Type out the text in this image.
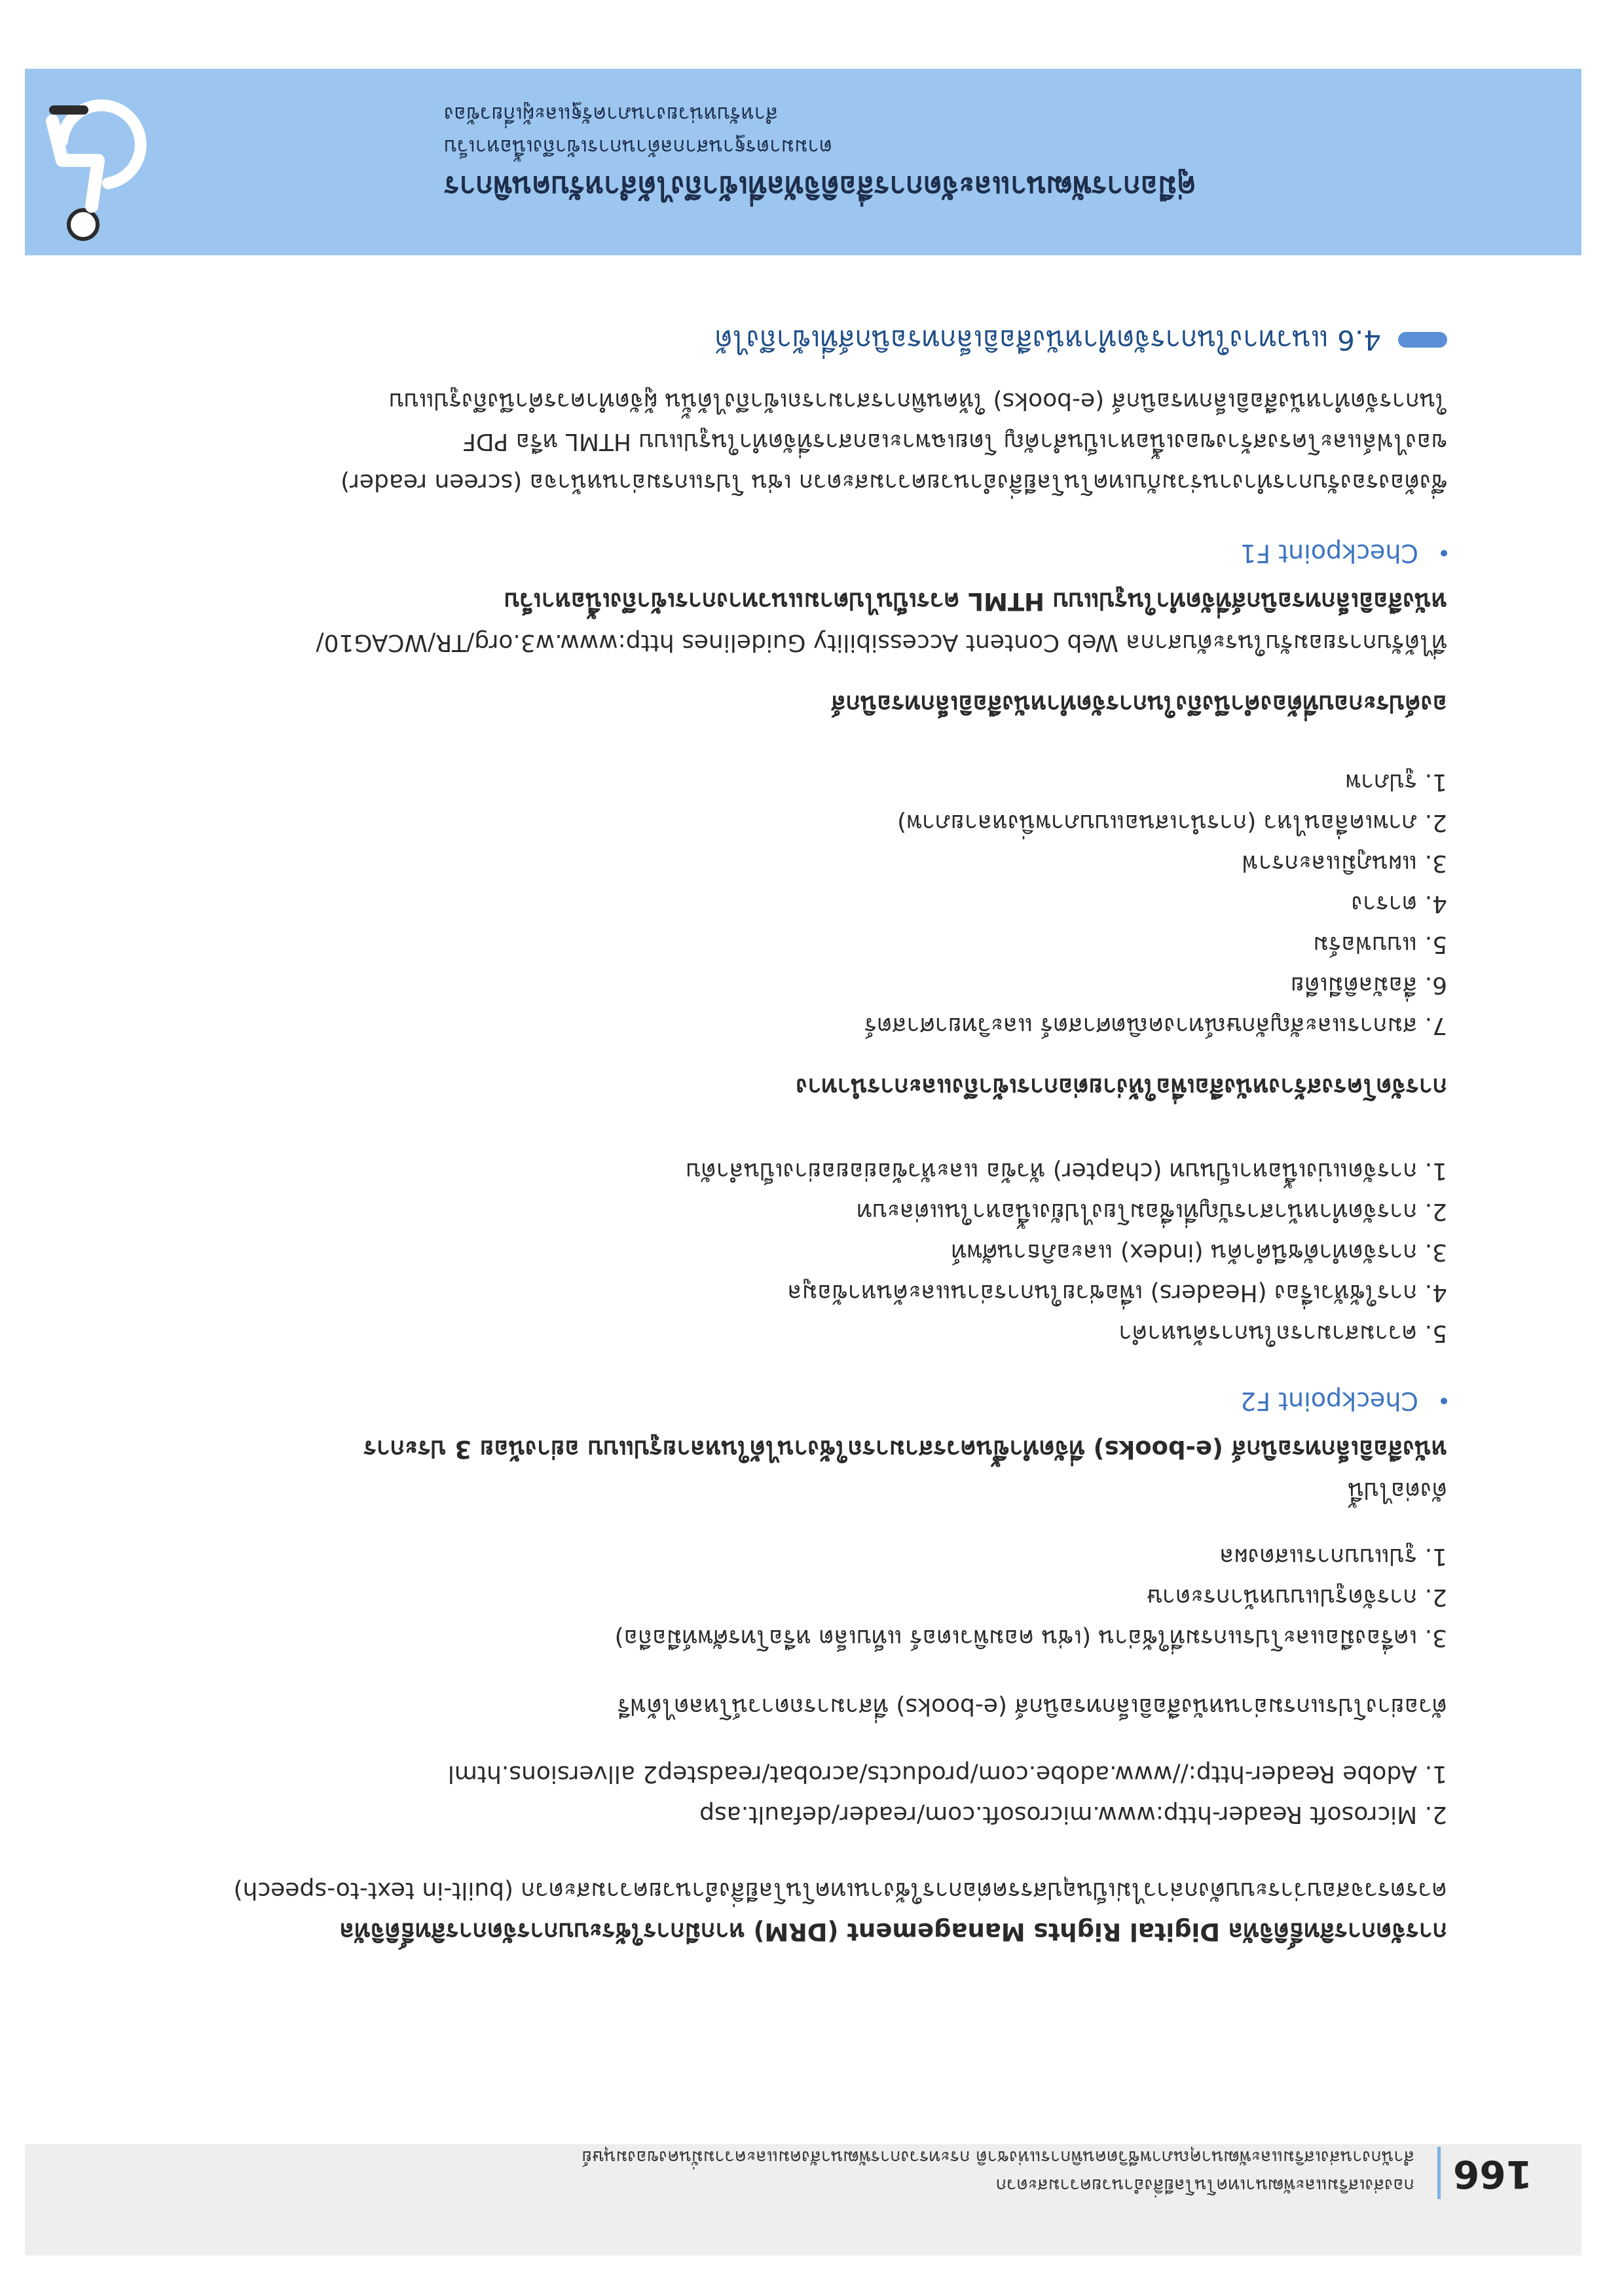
166
กองส่งเสริมและพัฒนาเทคโนโลยีสิ่งอำนวยความสะดวก
สำนักงานส่งเสริมและพัฒนาคุณภาพชีวิตคนพิการแห่งชาติ กระทรวงการพัฒนาสังคมและความมั่นคงของมนุษย์

การจัดการสิทธิ์ดิจิทัล Digital Rights Management (DRM) หากมีการใช้ระบบการจัดการสิทธิ์ดิจิทัล

ควรตรวจสอบว่าระบบดังกล่าวไม่เป็นอุปสรรคต่อการใช้งานเทคโนโลยีสิ่งอำนวยความสะดวก (built-in text-to-speech)

2. Microsoft Reader-http:www.microsoft.com/reader/default.asp

1. Adobe Reader-http://www.adobe.com/products/acrobat/readstep2 allversions.html

ตัวอย่างโปรแกรมอ่านหนังสืออิเล็กทรอนิกส์ (e-books) ที่สามารถดาวน์โหลดได้ฟรี

3. เครื่องมือและโปรแกรมที่ใช้อ่าน (เช่น คอมพิวเตอร์ แท็บเล็ต หรือโทรศัพท์มือถือ)

2. การจัดรูปแบบหน้ากระดาษ

1. รูปแบบการแสดงผล

ดังต่อไปนี้

หนังสืออิเล็กทรอนิกส์ (e-books) ที่จัดทำขึ้นควรสามารถใช้งานได้ในหลายรูปแบบ อย่างน้อย 3 ประการ

Checkpoint F2

5. ความสามารถในการค้นหาคำ

4. การใช้หัวเรื่อง (Headers) เพื่อช่วยในการอ่านและค้นหาข้อมูล

3. การจัดทำดัชนีคำค้น (index) และอภิธานศัพท์

2. การจัดทำหน้าสารบัญที่เชื่อมโยงไปยังเนื้อหาในแต่ละบท

1. การจัดแบ่งเนื้อหาเป็นบท (chapter) หัวข้อ และหัวข้อย่อยอย่างเป็นลำดับ

การจัดโครงสร้างหนังสือเพื่อให้ง่ายต่อการเข้าถึงและการนำทาง

7. สมการและสัญลักษณ์ทางคณิตศาสตร์ และวิทยาศาสตร์

6. สื่อมัลติมีเดีย

5. แบบฟอร์ม

4. ตาราง

3. แผนภูมิและกราฟ

2. ภาพเคลื่อนไหว (การนำเสนอแบบภาพนิ่งหลายภาพ)

1. รูปภาพ

องค์ประกอบที่ต้องคำนึงถึงในการจัดทำหนังสืออิเล็กทรอนิกส์

ที่ได้รับการยอมรับในระดับสากล Web Content Accessibility Guidelines http:www.w3.org/TR/WCAG10/

หนังสืออิเล็กทรอนิกส์ที่จัดทำในรูปแบบ HTML ควรเป็นไปตามแนวทางการเข้าถึงเนื้อหาเว็บ

Checkpoint F1

ซึ่งต้องรองรับการทำงานร่วมกับเทคโนโลยีสิ่งอำนวยความสะดวก เช่น โปรแกรมอ่านหน้าจอ (screen reader)

ของไฟล์และโครงสร้างของเนื้อหาเป็นสำคัญ โดยเฉพาะเอกสารที่จัดทำในรูปแบบ HTML หรือ PDF

ในการจัดทำหนังสืออิเล็กทรอนิกส์ (e-books) ให้คนพิการสามารถเข้าถึงได้นั้น ผู้จัดทำควรคำนึงถึงรูปแบบ

4.6 แนวทางในการจัดทำหนังสืออิเล็กทรอนิกส์ที่เข้าถึงได้
คู่มือการพัฒนาและจัดการสื่อดิจิทัลที่เข้าถึงได้สำหรับคนพิการ
ตามมาตรฐานสากลด้านการเข้าถึงเนื้อหาเว็บ
สำหรับหน่วยงานภาครัฐและผู้เกี่ยวข้อง
